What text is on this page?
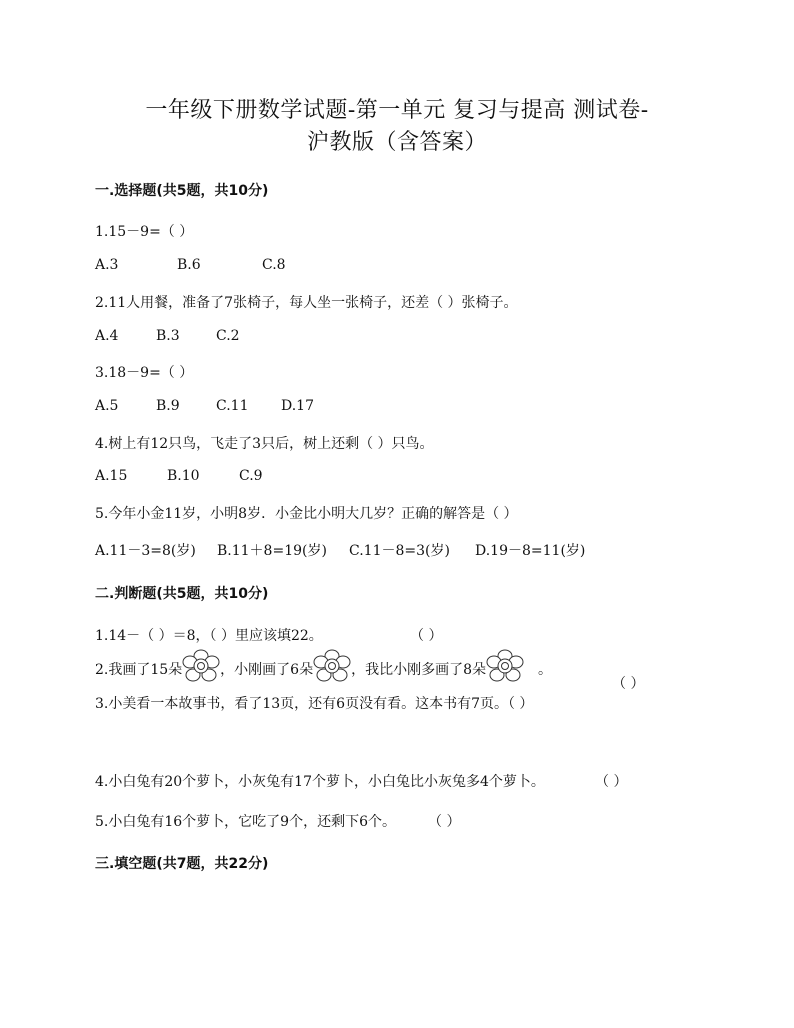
一年级下册数学试题-第一单元 复习与提高 测试卷-
沪教版（含答案）
一.选择题(共5题，共10分)
1.15－9=（ ）
A.3	B.6	C.8
2.11人用餐，准备了7张椅子，每人坐一张椅子，还差（ ）张椅子。
A.4	B.3	C.2
3.18－9=（ ）
A.5	B.9	C.11 D.17
4.树上有12只鸟，飞走了3只后，树上还剩（ ）只鸟。
A.15	B.10	C.9
5.今年小金11岁，小明8岁．小金比小明大几岁？正确的解答是（ ）
A.11－3=8(岁) B.11＋8=19(岁) C.11－8=3(岁) D.19－8=11(岁)
二.判断题(共5题，共10分)
1.14－（ ）＝8，（ ）里应该填22。	（ ）
2.我画了15朵	，小刚画了6朵	，我比小刚多画了8朵	。
（ ）
3.小美看一本故事书，看了13页，还有6页没有看。这本书有7页。（ ）
4.小白兔有20个萝卜，小灰兔有17个萝卜，小白兔比小灰兔多4个萝卜。	（ ）
5.小白兔有16个萝卜，它吃了9个，还剩下6个。 （ ）
三.填空题(共7题，共22分)
